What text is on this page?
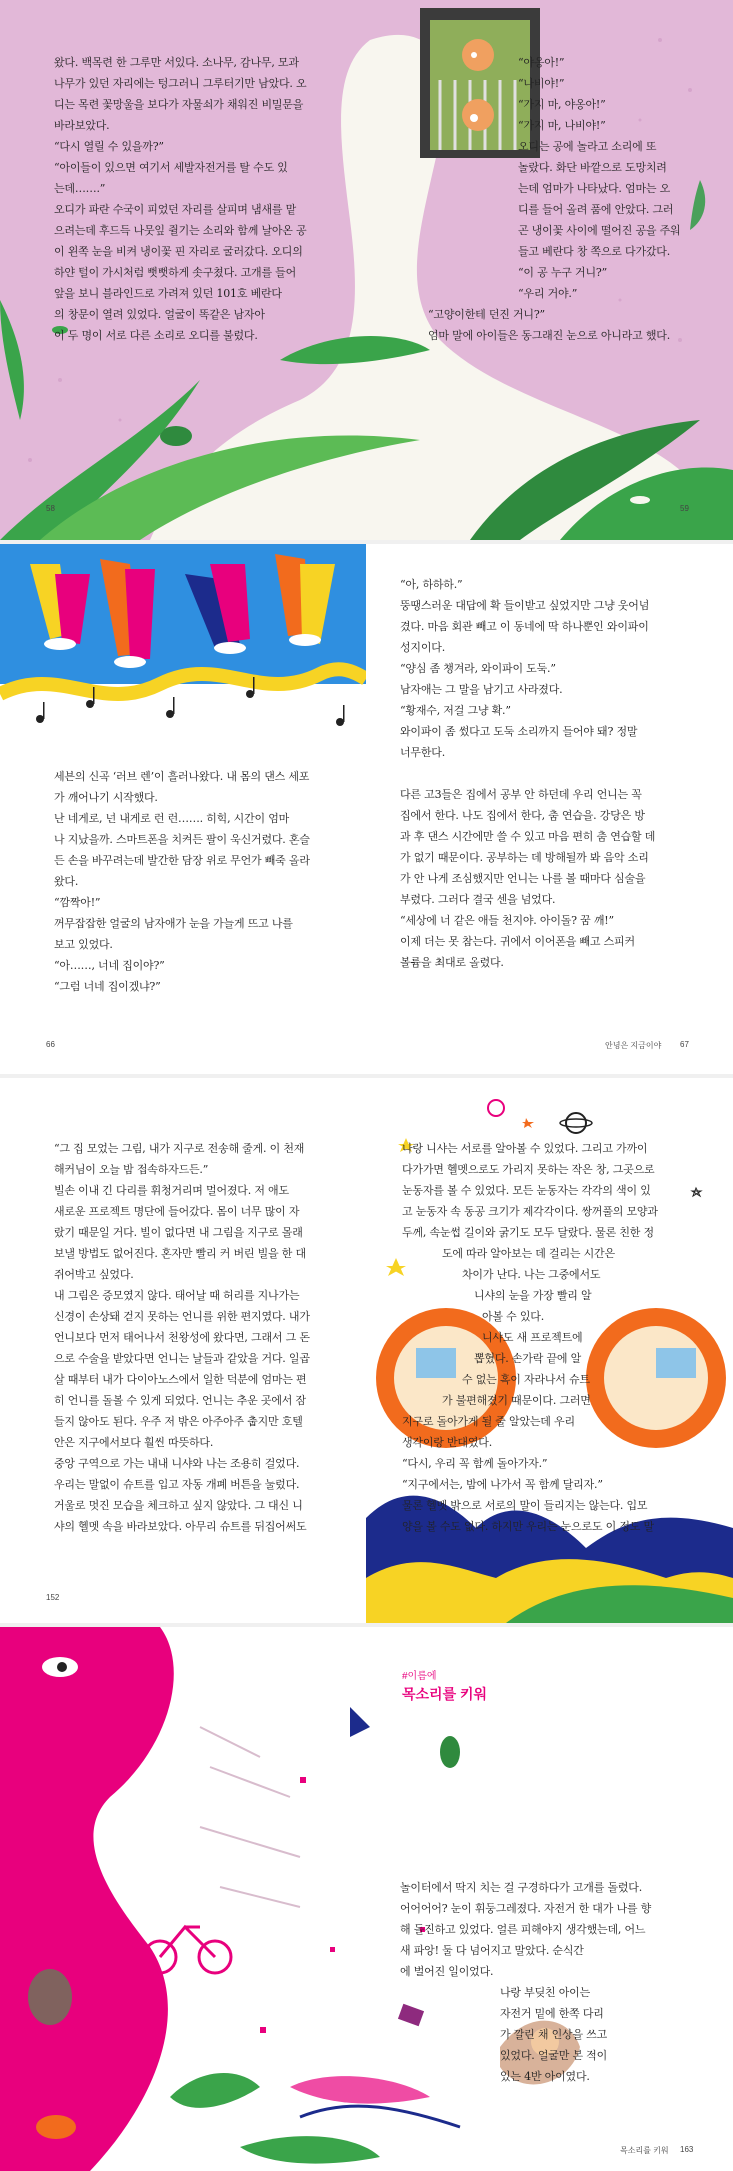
왔다. 백목련 한 그루만 서있다. 소나무, 감나무, 모과

나무가 있던 자리에는 텅그러니 그루터기만 남았다. 오

디는 목련 꽃망울을 보다가 자물쇠가 채워진 비밀문을

바라보았다.

“다시 열릴 수 있을까?”

“아이들이 있으면 여기서 세발자전거를 탈 수도 있

는데…….”

오디가 파란 수국이 피었던 자리를 살피며 냄새를 맡

으려는데 후드득 나뭇잎 쥘기는 소리와 함께 날아온 공

이 왼쪽 눈을 비켜 냉이꽃 핀 자리로 굴러갔다. 오디의

하얀 털이 가시처럼 뻣뻣하게 솟구쳤다. 고개를 들어

앞을 보니 블라인드로 가려져 있던 101호 베란다

의 창문이 열려 있었다. 얼굴이 똑같은 남자아

이 두 명이 서로 다른 소리로 오디를 불렀다.

“야옹아!”

“나비야!”

“가지 마, 야옹아!”

“가지 마, 나비야!”

오디는 공에 놀라고 소리에 또

놀랐다. 화단 바깥으로 도망치려

는데 엄마가 나타났다. 엄마는 오

디를 들어 올려 품에 안았다. 그러

곤 냉이꽃 사이에 떨어진 공을 주워

들고 베란다 창 쪽으로 다가갔다.

“이 공 누구 거니?”

“우리 거야.”

“고양이한테 던진 거니?”

엄마 말에 아이들은 동그래진 눈으로 아니라고 했다.

58	59

세븐의 신곡 ‘러브 렌’이 흘러나왔다. 내 몸의 댄스 세포

가 깨어나기 시작했다.

난 네게로, 넌 내게로 런 런……. 히힉, 시간이 엄마

나 지났을까. 스마트폰을 치켜든 팔이 욱신거렸다. 혼슬

든 손을 바꾸려는데 발간한 담장 위로 무언가 빼죽 올라

왔다.

“깜짝아!”

꺼무잡잡한 얼굴의 남자애가 눈을 가늘게 뜨고 나를

보고 있었다.

“아……, 너네 집이야?”

“그럼 너네 집이겠냐?”

“아, 하하하.”

뚱땡스러운 대답에 확 들이받고 싶었지만 그냥 웃어넘

겼다. 마음 회관 빼고 이 동네에 딱 하나뿐인 와이파이

성지이다.

“양심 좀 챙겨라, 와이파이 도둑.”

남자애는 그 말을 남기고 사라졌다.

“황재수, 저걸 그냥 확.”

와이파이 좀 썼다고 도둑 소리까지 들어야 돼? 정말

너무한다.

다른 고3들은 집에서 공부 안 하던데 우리 언니는 꼭

집에서 한다. 나도 집에서 한다, 춤 연습을. 강당은 방

과 후 댄스 시간에만 쓸 수 있고 마음 편히 춤 연습할 데

가 없기 때문이다. 공부하는 데 방해될까 봐 음악 소리

가 안 나게 조심했지만 언니는 나를 볼 때마다 심술을

부렸다. 그러다 결국 센을 넘었다.

“세상에 너 같은 애들 천지야. 아이돌? 꿈 깨!”

이제 더는 못 참는다. 귀에서 이어폰을 빼고 스피커

볼륨을 최대로 올렸다.

66	안녕은 지금이야 67

“그 집 모었는 그림, 내가 지구로 전송해 줄게. 이 천재

해커님이 오늘 밤 접속하자드든.”

빌손 이내 긴 다리를 휘청거리며 멀어졌다. 저 애도

새로운 프로젝트 명단에 들어갔다. 몸이 너무 많이 자

랐기 때문일 거다. 빌이 없다면 내 그림을 지구로 몰래

보낼 방법도 없어진다. 혼자만 빨리 커 버린 빌을 한 대

쥐어박고 싶었다.

내 그림은 증모였지 않다. 태어날 때 허리를 지나가는

신경이 손상돼 걷지 못하는 언니를 위한 편지였다. 내가

언니보다 먼저 태어나서 천왕성에 왔다면, 그래서 그 돈

으로 수술을 받았다면 언니는 날들과 같았을 거다. 일곱

살 때부터 내가 다이아노스에서 일한 덕분에 엄마는 편

히 언니를 돌볼 수 있게 되었다. 언니는 추운 곳에서 잠

들지 않아도 된다. 우주 저 밖은 아주아주 춥지만 호텔

안은 지구에서보다 훨씬 따뜻하다.

중앙 구역으로 가는 내내 니샤와 나는 조용히 걸었다.

우리는 말없이 슈트를 입고 자동 개폐 버튼을 눌렀다.

거울로 멋진 모습을 체크하고 싶지 않았다. 그 대신 니

샤의 헬멧 속을 바라보았다. 아무리 슈트를 뒤집어써도

나랑 니샤는 서로를 알아볼 수 있었다. 그리고 가까이

다가가면 헬멧으로도 가리지 못하는 작은 창, 그곳으로

눈동자를 볼 수 있었다. 모든 눈동자는 각각의 색이 있

고 눈동자 속 동공 크기가 제각각이다. 쌍꺼풀의 모양과

두께, 속눈썹 길이와 굵기도 모두 달랐다. 물론 친한 정

도에 따라 알아보는 데 걸리는 시간은

차이가 난다. 나는 그중에서도

니샤의 눈을 가장 빨리 알

아볼 수 있다.

니샤도 새 프로젝트에

뽑혔다. 손가락 끝에 알

수 없는 혹이 자라나서 슈트

가 불편해졌기 때문이다. 그러면

지구로 돌아가게 될 줄 알았는데 우리

생각이랑 반대였다.

“다시, 우리 꼭 함께 돌아가자.”

“지구에서는, 밤에 나가서 꼭 함께 달리자.”

물론 헬멧 밖으로 서로의 말이 들리지는 않는다. 입모

양을 볼 수도 없다. 하지만 우리는 눈으로도 이 정도 말

152
#이름에
목소리를 키워

놀이터에서 딱지 치는 걸 구경하다가 고개를 돌렸다.

어어어어? 눈이 휘둥그레졌다. 자전거 한 대가 나를 향

해 돌진하고 있었다. 얼른 피해야지 생각했는데, 어느

새 파앙! 둘 다 넘어지고 말았다. 순식간

에 벌어진 일이었다.

나랑 부딪친 아이는

자전거 밑에 한쪽 다리

가 깔린 채 인상을 쓰고

있었다. 얼굴만 본 적이

있는 4반 아이였다.

목소리를 키워 163
